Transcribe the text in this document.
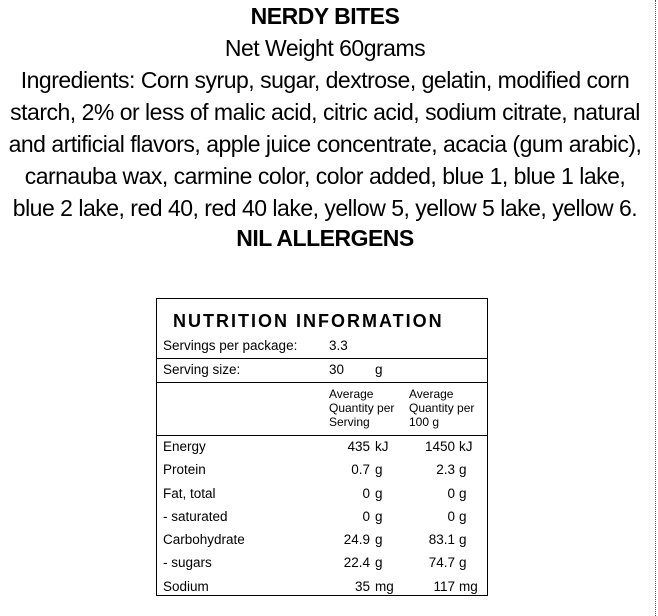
NERDY BITES
Net Weight 60grams
Ingredients: Corn syrup, sugar, dextrose, gelatin, modified corn starch, 2% or less of malic acid, citric acid, sodium citrate, natural and artificial flavors, apple juice concentrate, acacia (gum arabic), carnauba wax, carmine color, color added, blue 1, blue 1 lake, blue 2 lake, red 40, red 40 lake, yellow 5, yellow 5 lake, yellow 6.
NIL ALLERGENS
NUTRITION INFORMATION
Servings per package: 3.3
Serving size:	30 g
Average Quantity per Serving
Average Quantity per 100 g
Energy	435 kJ	1450 kJ
Protein	0.7 g	2.3 g
Fat, total	0 g	0 g
- saturated	0 g	0 g
Carbohydrate	24.9 g	83.1 g
- sugars	22.4 g	74.7 g
Sodium	35 mg	117 mg
